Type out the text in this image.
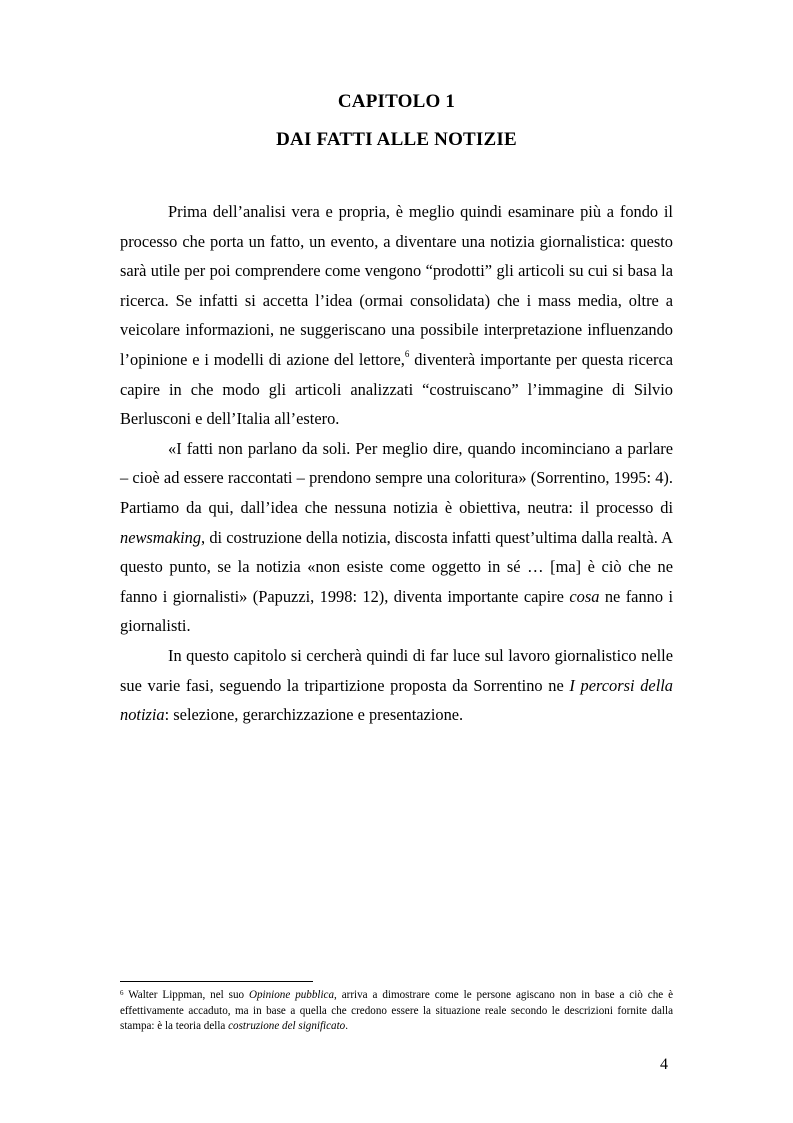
CAPITOLO 1
DAI FATTI ALLE NOTIZIE

Prima dell’analisi vera e propria, è meglio quindi esaminare più a fondo il processo che porta un fatto, un evento, a diventare una notizia giornalistica: questo sarà utile per poi comprendere come vengono “prodotti” gli articoli su cui si basa la ricerca. Se infatti si accetta l’idea (ormai consolidata) che i mass media, oltre a veicolare informazioni, ne suggeriscano una possibile interpretazione influenzando l’opinione e i modelli di azione del lettore,$^6$ diventerà importante per questa ricerca capire in che modo gli articoli analizzati “costruiscano” l’immagine di Silvio Berlusconi e dell’Italia all’estero.

«I fatti non parlano da soli. Per meglio dire, quando incominciano a parlare – cioè ad essere raccontati – prendono sempre una coloritura» (Sorrentino, 1995: 4). Partiamo da qui, dall’idea che nessuna notizia è obiettiva, neutra: il processo di newsmaking, di costruzione della notizia, discosta infatti quest’ultima dalla realtà. A questo punto, se la notizia «non esiste come oggetto in sé … [ma] è ciò che ne fanno i giornalisti» (Papuzzi, 1998: 12), diventa importante capire cosa ne fanno i giornalisti.

In questo capitolo si cercherà quindi di far luce sul lavoro giornalistico nelle sue varie fasi, seguendo la tripartizione proposta da Sorrentino ne I percorsi della notizia: selezione, gerarchizzazione e presentazione.

$^6$ Walter Lippman, nel suo Opinione pubblica, arriva a dimostrare come le persone agiscano non in base a ciò che è effettivamente accaduto, ma in base a quella che credono essere la situazione reale secondo le descrizioni fornite dalla stampa: è la teoria della costruzione del significato.
4
